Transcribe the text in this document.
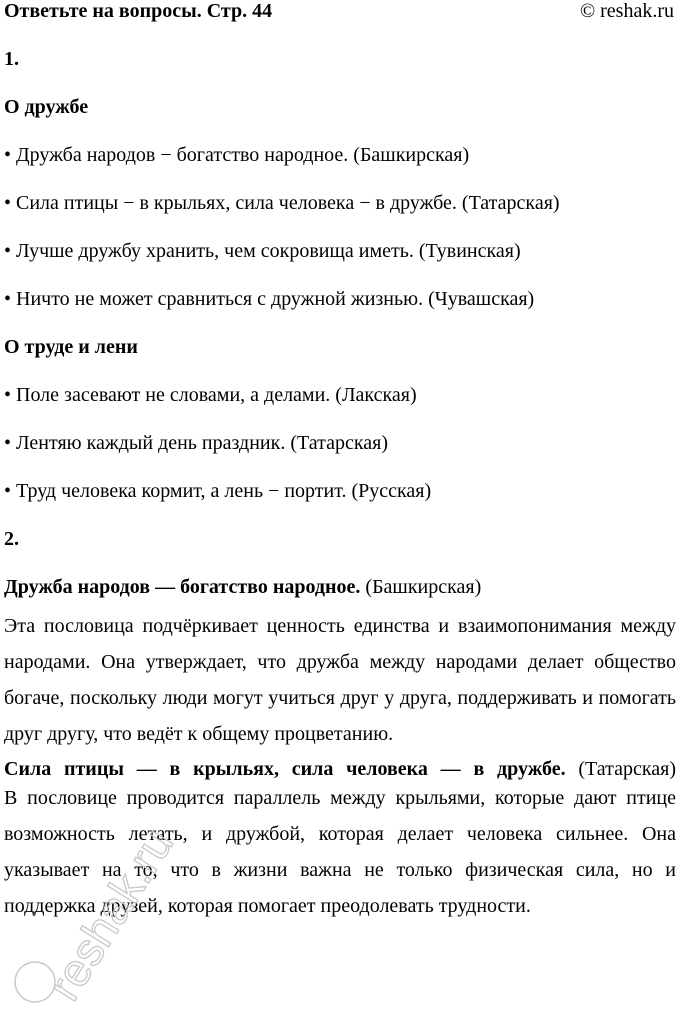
Ответьте на вопросы. Стр. 44	© reshak.ru
1.
О дружбе
• Дружба народов − богатство народное. (Башкирская)
• Сила птицы − в крыльях, сила человека − в дружбе. (Татарская)
• Лучше дружбу хранить, чем сокровища иметь. (Тувинская)
• Ничто не может сравниться с дружной жизнью. (Чувашская)
О труде и лени
• Поле засевают не словами, а делами. (Лакская)
• Лентяю каждый день праздник. (Татарская)
• Труд человека кормит, а лень − портит. (Русская)
2.
Дружба народов — богатство народное. (Башкирская)

Эта пословица подчёркивает ценность единства и взаимопонимания между народами. Она утверждает, что дружба между народами делает общество богаче, поскольку люди могут учиться друг у друга, поддерживать и помогать друг другу, что ведёт к общему процветанию.

Сила птицы — в крыльях, сила человека — в дружбе. (Татарская)

В пословице проводится параллель между крыльями, которые дают птице возможность летать, и дружбой, которая делает человека сильнее. Она указывает на то, что в жизни важна не только физическая сила, но и поддержка друзей, которая помогает преодолевать трудности.

reshak.ru
